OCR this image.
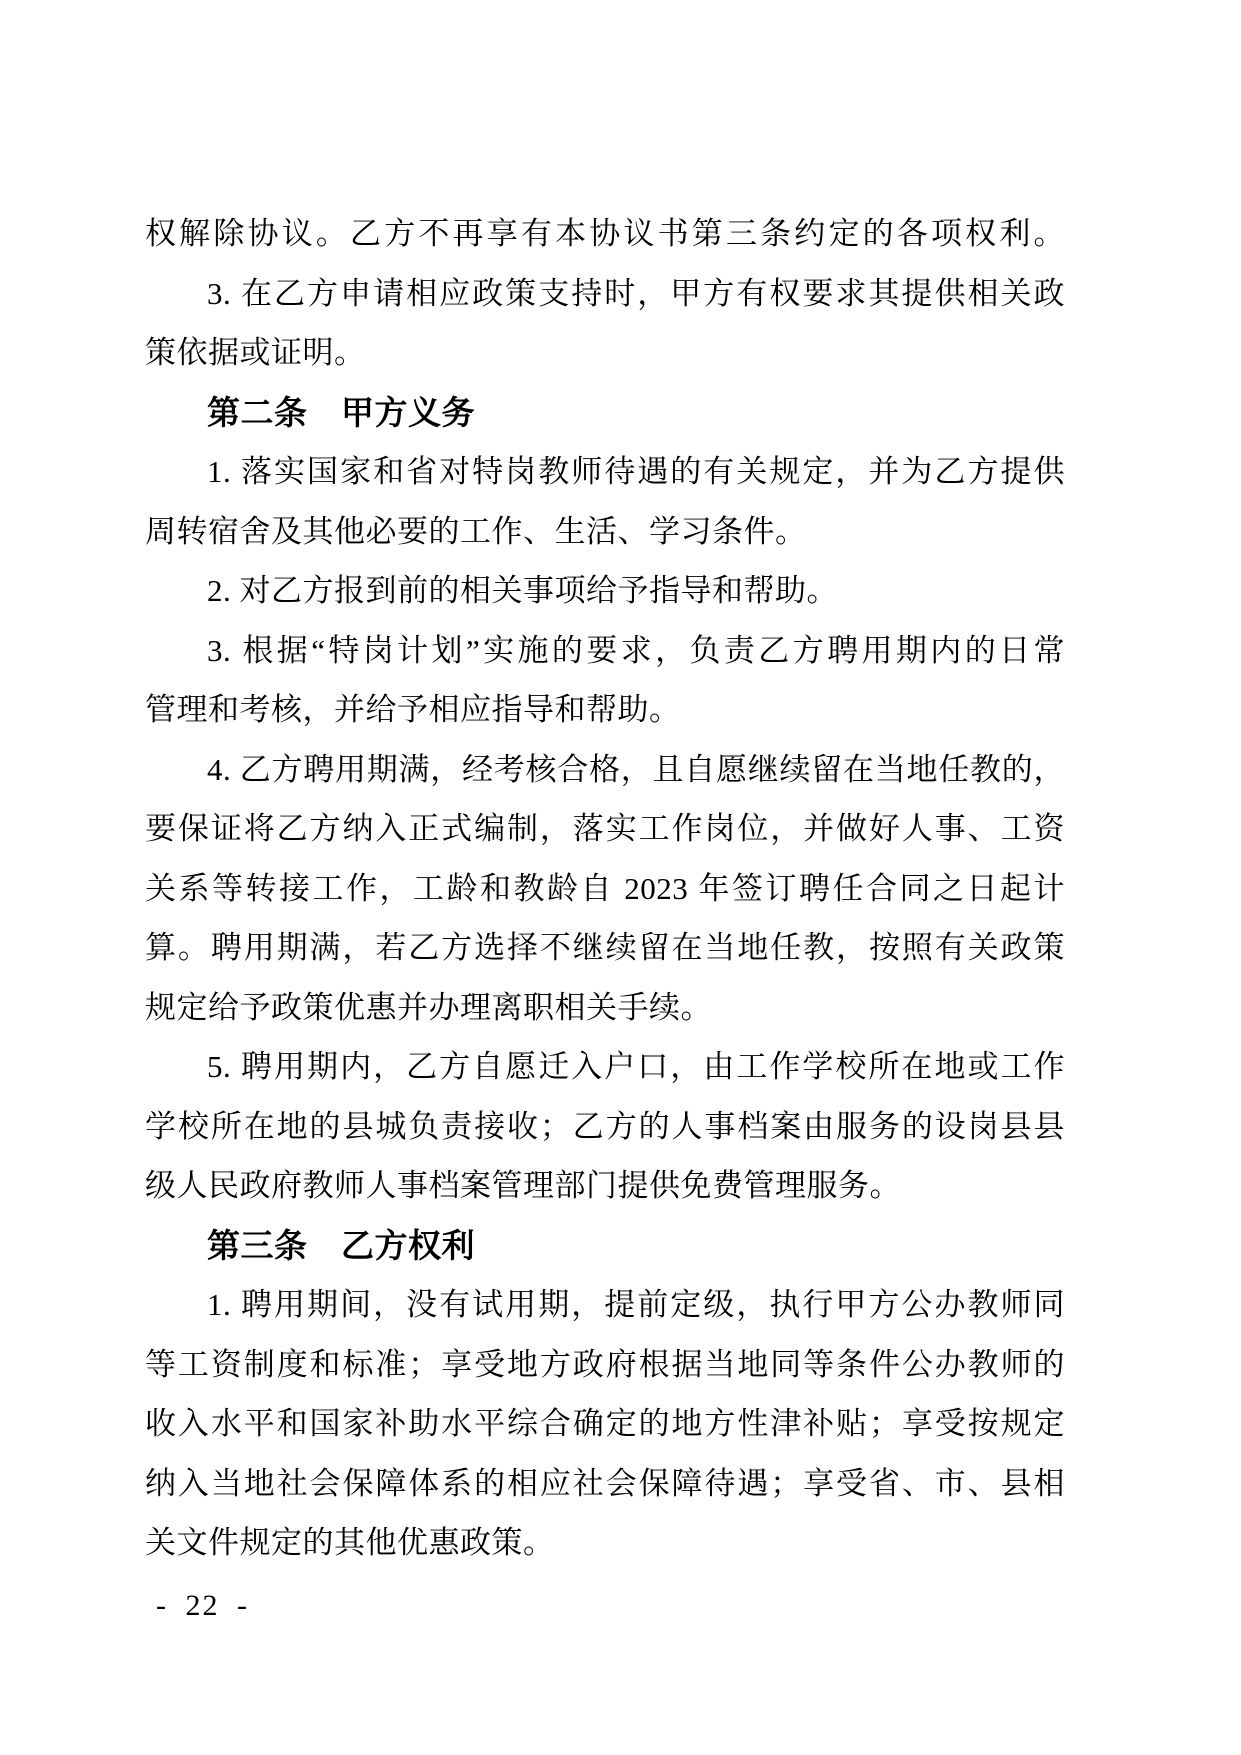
权解除协议。乙方不再享有本协议书第三条约定的各项权利。
3. 在乙方申请相应政策支持时，甲方有权要求其提供相关政
策依据或证明。
第二条　甲方义务
1. 落实国家和省对特岗教师待遇的有关规定，并为乙方提供
周转宿舍及其他必要的工作、生活、学习条件。
2. 对乙方报到前的相关事项给予指导和帮助。
3. 根据“特岗计划”实施的要求，负责乙方聘用期内的日常
管理和考核，并给予相应指导和帮助。
4. 乙方聘用期满，经考核合格，且自愿继续留在当地任教的，
要保证将乙方纳入正式编制，落实工作岗位，并做好人事、工资
关系等转接工作，工龄和教龄自 2023 年签订聘任合同之日起计
算。聘用期满，若乙方选择不继续留在当地任教，按照有关政策
规定给予政策优惠并办理离职相关手续。
5. 聘用期内，乙方自愿迁入户口，由工作学校所在地或工作
学校所在地的县城负责接收；乙方的人事档案由服务的设岗县县
级人民政府教师人事档案管理部门提供免费管理服务。
第三条　乙方权利
1. 聘用期间，没有试用期，提前定级，执行甲方公办教师同
等工资制度和标准；享受地方政府根据当地同等条件公办教师的
收入水平和国家补助水平综合确定的地方性津补贴；享受按规定
纳入当地社会保障体系的相应社会保障待遇；享受省、市、县相
关文件规定的其他优惠政策。
- 22 -
